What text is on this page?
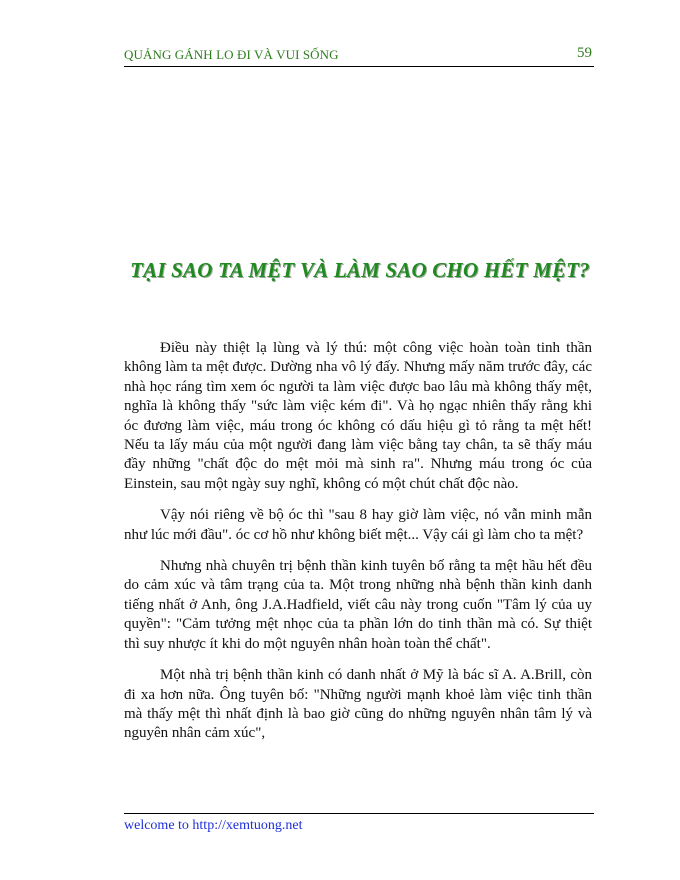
QUẢNG GÁNH LO ĐI VÀ VUI SỐNG	59
TẠI SAO TA MỆT VÀ LÀM SAO CHO HẾT MỆT?

Điều này thiệt lạ lùng và lý thú: một công việc hoàn toàn tinh thần không làm ta mệt được. Dường nha vô lý đấy. Nhưng mấy năm trước đây, các nhà học ráng tìm xem óc người ta làm việc được bao lâu mà không thấy mệt, nghĩa là không thấy "sức làm việc kém đi". Và họ ngạc nhiên thấy rằng khi óc đương làm việc, máu trong óc không có dấu hiệu gì tỏ rằng ta mệt hết! Nếu ta lấy máu của một người đang làm việc bằng tay chân, ta sẽ thấy máu đầy những "chất độc do mệt mỏi mà sinh ra". Nhưng máu trong óc của Einstein, sau một ngày suy nghĩ, không có một chút chất độc nào.

Vậy nói riêng về bộ óc thì "sau 8 hay giờ làm việc, nó vẫn minh mẫn như lúc mới đầu". óc cơ hồ như không biết mệt... Vậy cái gì làm cho ta mệt?

Nhưng nhà chuyên trị bệnh thần kinh tuyên bố rằng ta mệt hầu hết đều do cảm xúc và tâm trạng của ta. Một trong những nhà bệnh thần kinh danh tiếng nhất ở Anh, ông J.A.Hadfield, viết câu này trong cuốn "Tâm lý của uy quyền": "Cảm tưởng mệt nhọc của ta phần lớn do tinh thần mà có. Sự thiệt thì suy nhược ít khi do một nguyên nhân hoàn toàn thể chất".

Một nhà trị bệnh thần kinh có danh nhất ở Mỹ là bác sĩ A. A.Brill, còn đi xa hơn nữa. Ông tuyên bố: "Những người mạnh khoẻ làm việc tinh thần mà thấy mệt thì nhất định là bao giờ cũng do những nguyên nhân tâm lý và nguyên nhân cảm xúc",

welcome to http://xemtuong.net
